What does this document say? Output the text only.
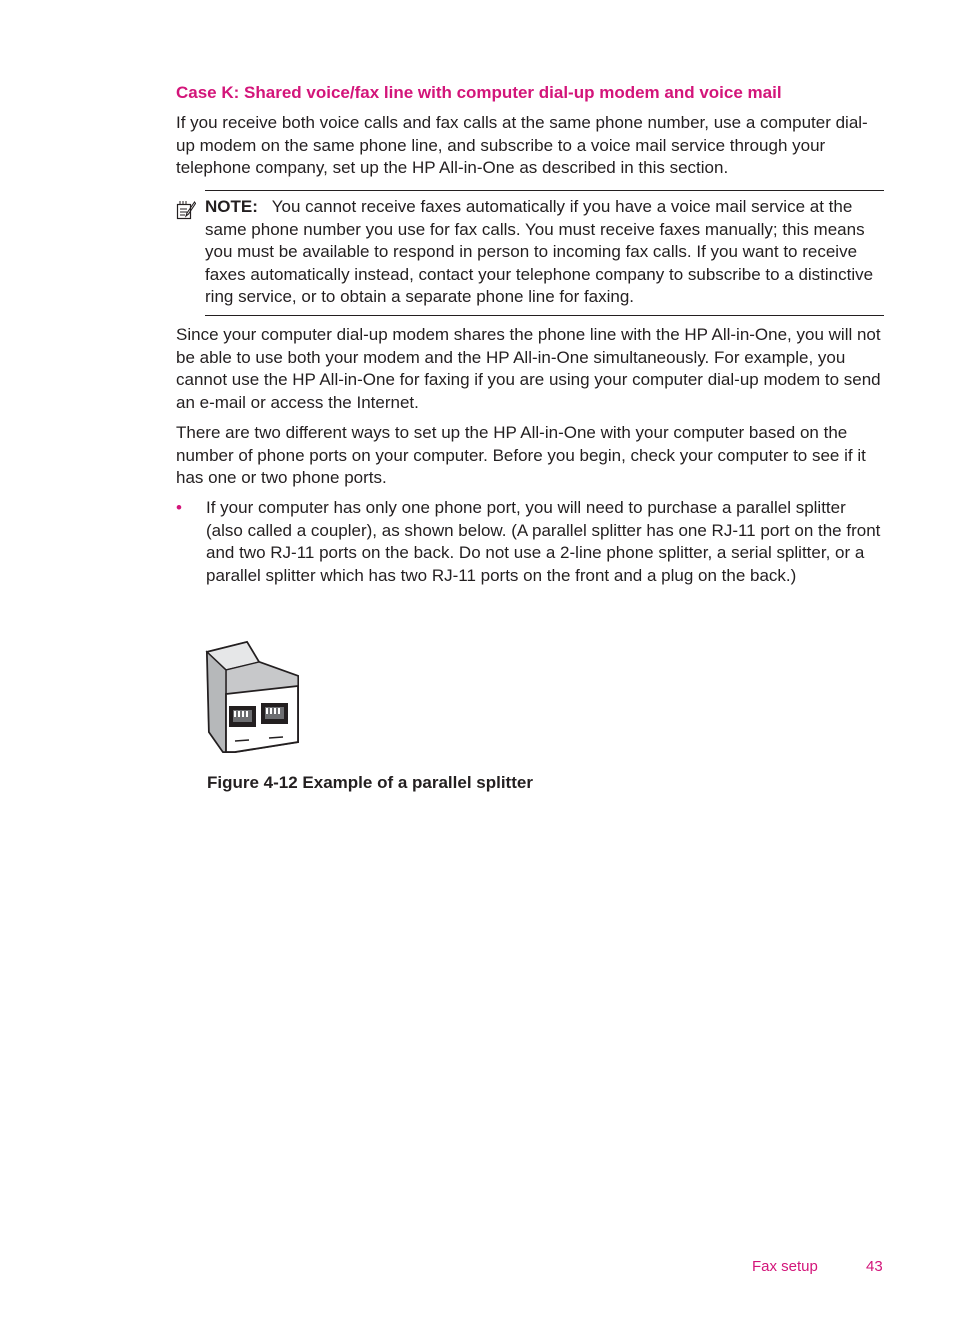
Case K: Shared voice/fax line with computer dial-up modem and voice mail

If you receive both voice calls and fax calls at the same phone number, use a computer dial-up modem on the same phone line, and subscribe to a voice mail service through your telephone company, set up the HP All-in-One as described in this section.

NOTE: You cannot receive faxes automatically if you have a voice mail service at the same phone number you use for fax calls. You must receive faxes manually; this means you must be available to respond in person to incoming fax calls. If you want to receive faxes automatically instead, contact your telephone company to subscribe to a distinctive ring service, or to obtain a separate phone line for faxing.

Since your computer dial-up modem shares the phone line with the HP All-in-One, you will not be able to use both your modem and the HP All-in-One simultaneously. For example, you cannot use the HP All-in-One for faxing if you are using your computer dial-up modem to send an e-mail or access the Internet.

There are two different ways to set up the HP All-in-One with your computer based on the number of phone ports on your computer. Before you begin, check your computer to see if it has one or two phone ports.

• If your computer has only one phone port, you will need to purchase a parallel splitter (also called a coupler), as shown below. (A parallel splitter has one RJ-11 port on the front and two RJ-11 ports on the back. Do not use a 2-line phone splitter, a serial splitter, or a parallel splitter which has two RJ-11 ports on the front and a plug on the back.)
Figure 4-12 Example of a parallel splitter
Fax setup	43
